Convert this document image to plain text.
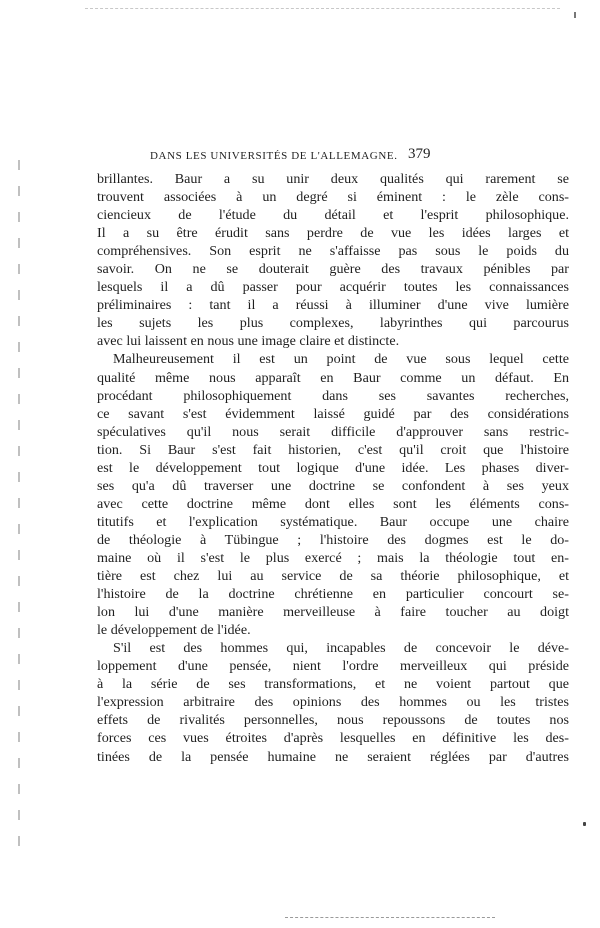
DANS LES UNIVERSITÉS DE L'ALLEMAGNE. 379
brillantes. Baur a su unir deux qualités qui rarement se
trouvent associées à un degré si éminent : le zèle cons-
ciencieux de l'étude du détail et l'esprit philosophique.
Il a su être érudit sans perdre de vue les idées larges et
compréhensives. Son esprit ne s'affaisse pas sous le poids du
savoir. On ne se douterait guère des travaux pénibles par
lesquels il a dû passer pour acquérir toutes les connaissances
préliminaires : tant il a réussi à illuminer d'une vive lumière
les sujets les plus complexes, labyrinthes qui parcourus
avec lui laissent en nous une image claire et distincte.
Malheureusement il est un point de vue sous lequel cette
qualité même nous apparaît en Baur comme un défaut. En
procédant philosophiquement dans ses savantes recherches,
ce savant s'est évidemment laissé guidé par des considérations
spéculatives qu'il nous serait difficile d'approuver sans restric-
tion. Si Baur s'est fait historien, c'est qu'il croit que l'histoire
est le développement tout logique d'une idée. Les phases diver-
ses qu'a dû traverser une doctrine se confondent à ses yeux
avec cette doctrine même dont elles sont les éléments cons-
titutifs et l'explication systématique. Baur occupe une chaire
de théologie à Tübingue ; l'histoire des dogmes est le do-
maine où il s'est le plus exercé ; mais la théologie tout en-
tière est chez lui au service de sa théorie philosophique, et
l'histoire de la doctrine chrétienne en particulier concourt se-
lon lui d'une manière merveilleuse à faire toucher au doigt
le développement de l'idée.
S'il est des hommes qui, incapables de concevoir le déve-
loppement d'une pensée, nient l'ordre merveilleux qui préside
à la série de ses transformations, et ne voient partout que
l'expression arbitraire des opinions des hommes ou les tristes
effets de rivalités personnelles, nous repoussons de toutes nos
forces ces vues étroites d'après lesquelles en définitive les des-
tinées de la pensée humaine ne seraient réglées par d'autres
